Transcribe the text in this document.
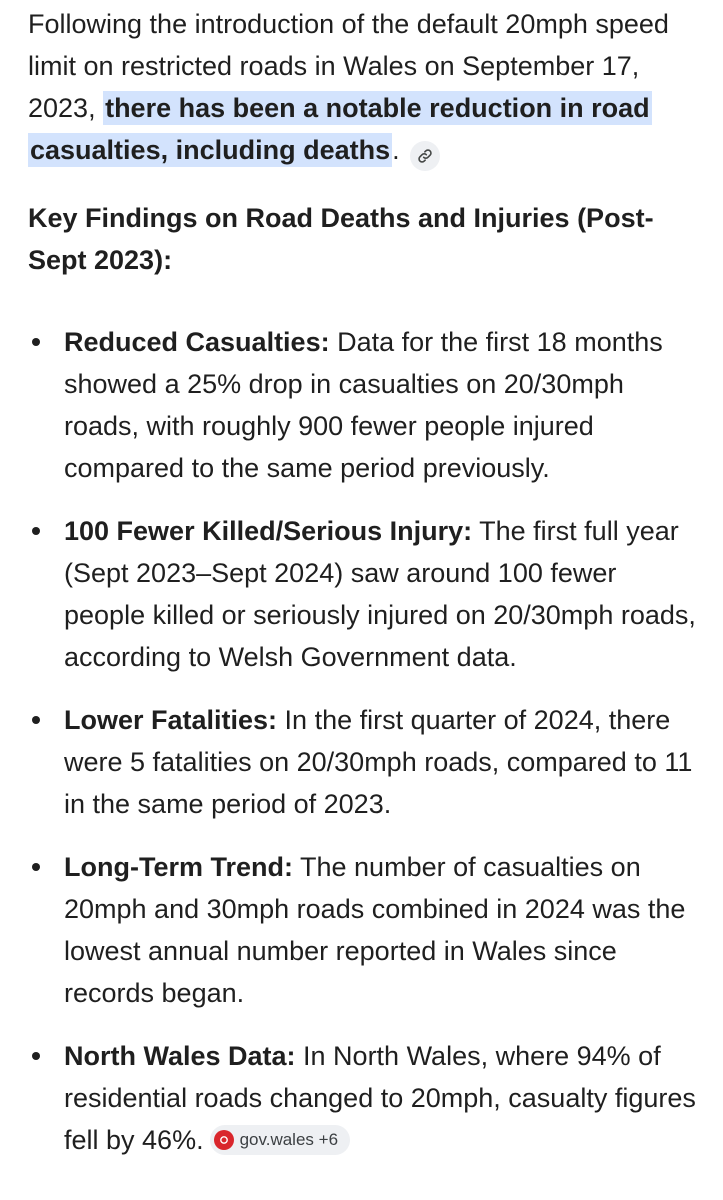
Following the introduction of the default 20mph speed limit on restricted roads in Wales on September 17, 2023, there has been a notable reduction in road casualties, including deaths.

Key Findings on Road Deaths and Injuries (Post-Sept 2023):

Reduced Casualties: Data for the first 18 months showed a 25% drop in casualties on 20/30mph roads, with roughly 900 fewer people injured compared to the same period previously.
100 Fewer Killed/Serious Injury: The first full year (Sept 2023–Sept 2024) saw around 100 fewer people killed or seriously injured on 20/30mph roads, according to Welsh Government data.
Lower Fatalities: In the first quarter of 2024, there were 5 fatalities on 20/30mph roads, compared to 11 in the same period of 2023.
Long-Term Trend: The number of casualties on 20mph and 30mph roads combined in 2024 was the lowest annual number reported in Wales since records began.
North Wales Data: In North Wales, where 94% of residential roads changed to 20mph, casualty figures fell by 46%. gov.wales +6
